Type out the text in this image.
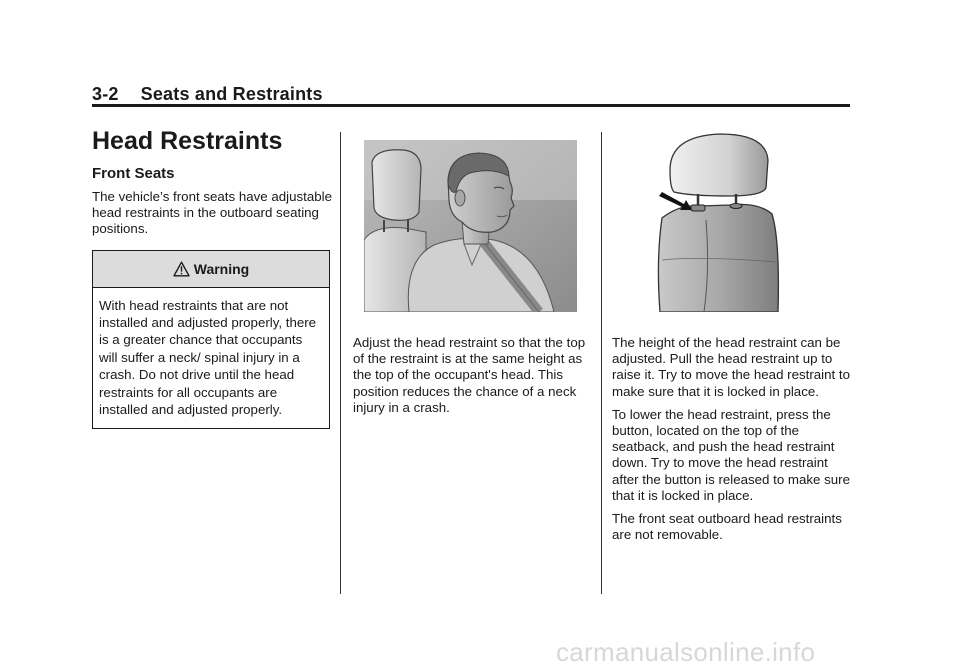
3-2 Seats and Restraints
Head Restraints
Front Seats

The vehicle’s front seats have adjustable head restraints in the outboard seating positions.

Warning
With head restraints that are not installed and adjusted properly, there is a greater chance that occupants will suffer a neck/ spinal injury in a crash. Do not drive until the head restraints for all occupants are installed and adjusted properly.

Adjust the head restraint so that the top of the restraint is at the same height as the top of the occupant's head. This position reduces the chance of a neck injury in a crash.

The height of the head restraint can be adjusted. Pull the head restraint up to raise it. Try to move the head restraint to make sure that it is locked in place.

To lower the head restraint, press the button, located on the top of the seatback, and push the head restraint down. Try to move the head restraint after the button is released to make sure that it is locked in place.

The front seat outboard head restraints are not removable.

carmanualsonline.info
